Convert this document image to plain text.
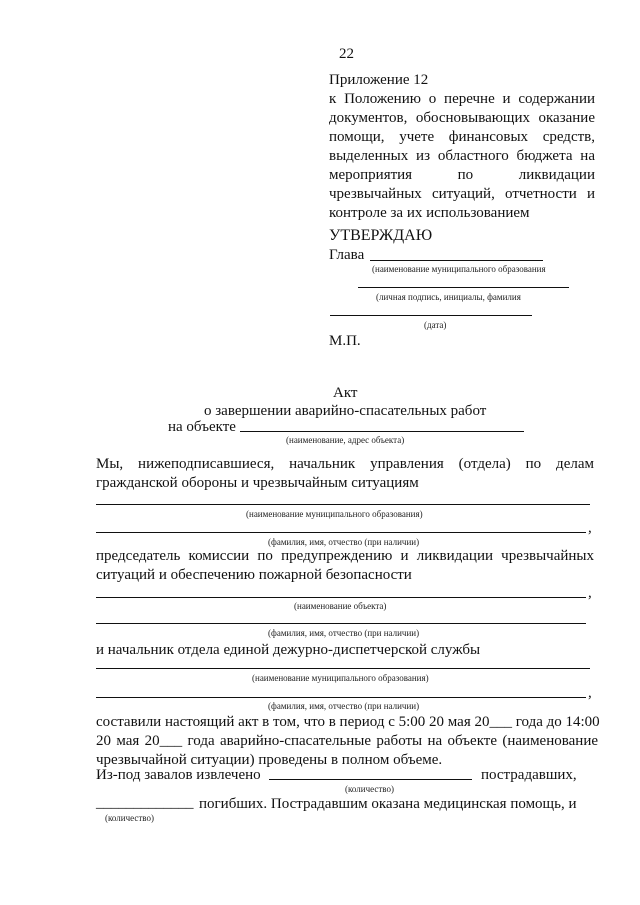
22
Приложение 12
к Положению о перечне и содержании
документов, обосновывающих оказание
помощи, учете финансовых средств,
выделенных из областного бюджета на
мероприятия по ликвидации
чрезвычайных ситуаций, отчетности и
контроле за их использованием
УТВЕРЖДАЮ
Глава
(наименование муниципального образования
(личная подпись, инициалы, фамилия
(дата)
М.П.
Акт
о завершении аварийно-спасательных работ
на объекте
(наименование, адрес объекта)
Мы, нижеподписавшиеся, начальник управления (отдела) по делам
гражданской обороны и чрезвычайным ситуациям
(наименование муниципального образования)
,
(фамилия, имя, отчество (при наличии)
председатель комиссии по предупреждению и ликвидации чрезвычайных
ситуаций и обеспечению пожарной безопасности
,
(наименование объекта)
(фамилия, имя, отчество (при наличии)
и начальник отдела единой дежурно-диспетчерской службы
(наименование муниципального образования)
,
(фамилия, имя, отчество (при наличии)
составили настоящий акт в том, что в период с 5:00 20 мая 20___ года до 14:00
20 мая 20___ года аварийно-спасательные работы на объекте (наименование
чрезвычайной ситуации) проведены в полном объеме.
Из-под завалов извлечено	пострадавших,
(количество)
_____________ погибших. Пострадавшим оказана медицинская помощь, и
(количество)
